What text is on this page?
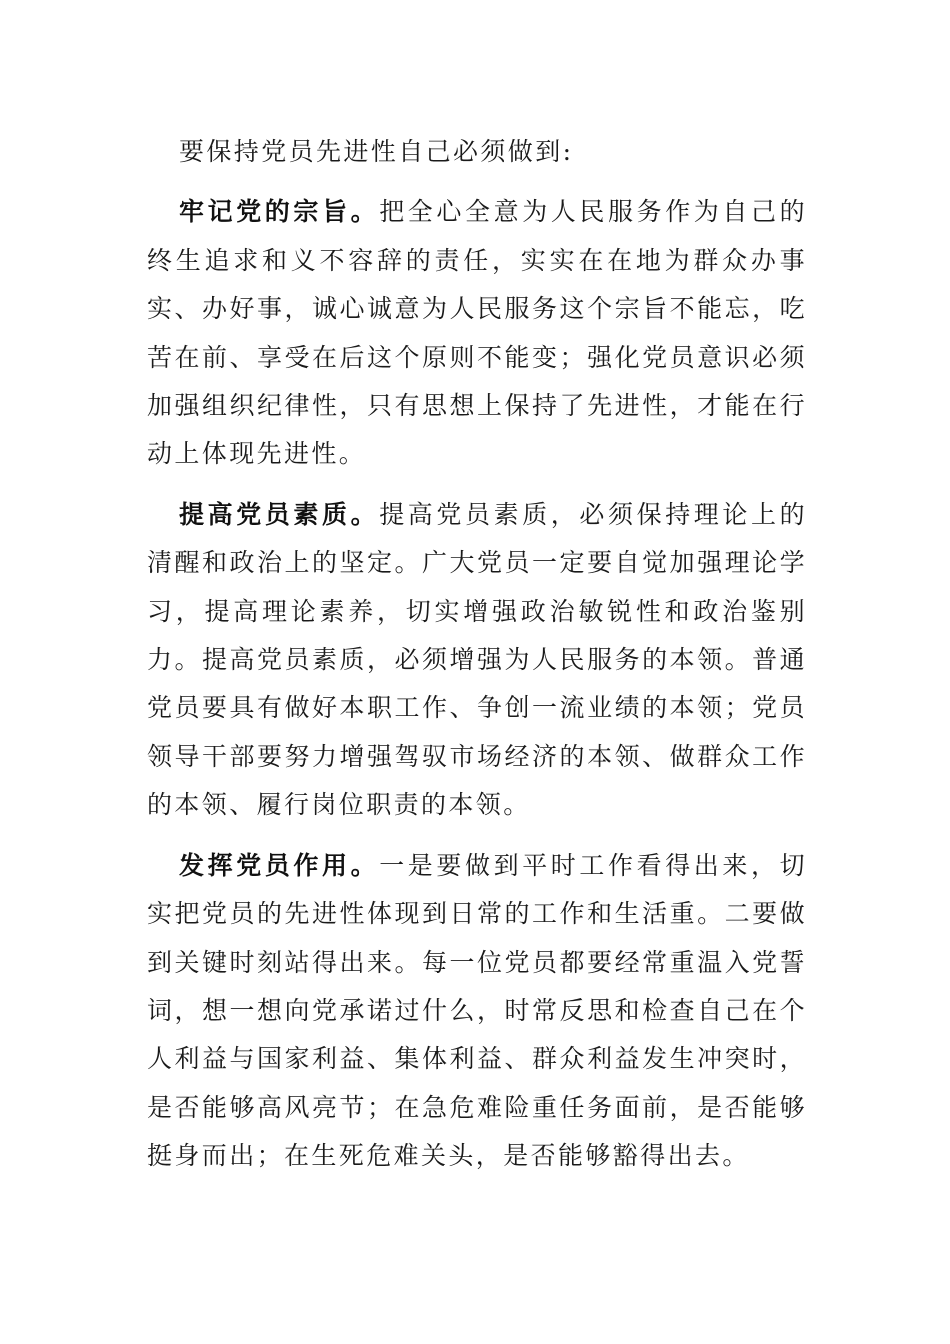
要保持党员先进性自己必须做到:

牢记党的宗旨。把全心全意为人民服务作为自己的终生追求和义不容辞的责任，实实在在地为群众办事实、办好事，诚心诚意为人民服务这个宗旨不能忘，吃苦在前、享受在后这个原则不能变；强化党员意识必须加强组织纪律性，只有思想上保持了先进性，才能在行动上体现先进性。

提高党员素质。提高党员素质，必须保持理论上的清醒和政治上的坚定。广大党员一定要自觉加强理论学习，提高理论素养，切实增强政治敏锐性和政治鉴别力。提高党员素质，必须增强为人民服务的本领。普通党员要具有做好本职工作、争创一流业绩的本领；党员领导干部要努力增强驾驭市场经济的本领、做群众工作的本领、履行岗位职责的本领。

发挥党员作用。一是要做到平时工作看得出来，切实把党员的先进性体现到日常的工作和生活重。二要做到关键时刻站得出来。每一位党员都要经常重温入党誓词，想一想向党承诺过什么，时常反思和检查自己在个人利益与国家利益、集体利益、群众利益发生冲突时，是否能够高风亮节；在急危难险重任务面前，是否能够挺身而出；在生死危难关头，是否能够豁得出去。
